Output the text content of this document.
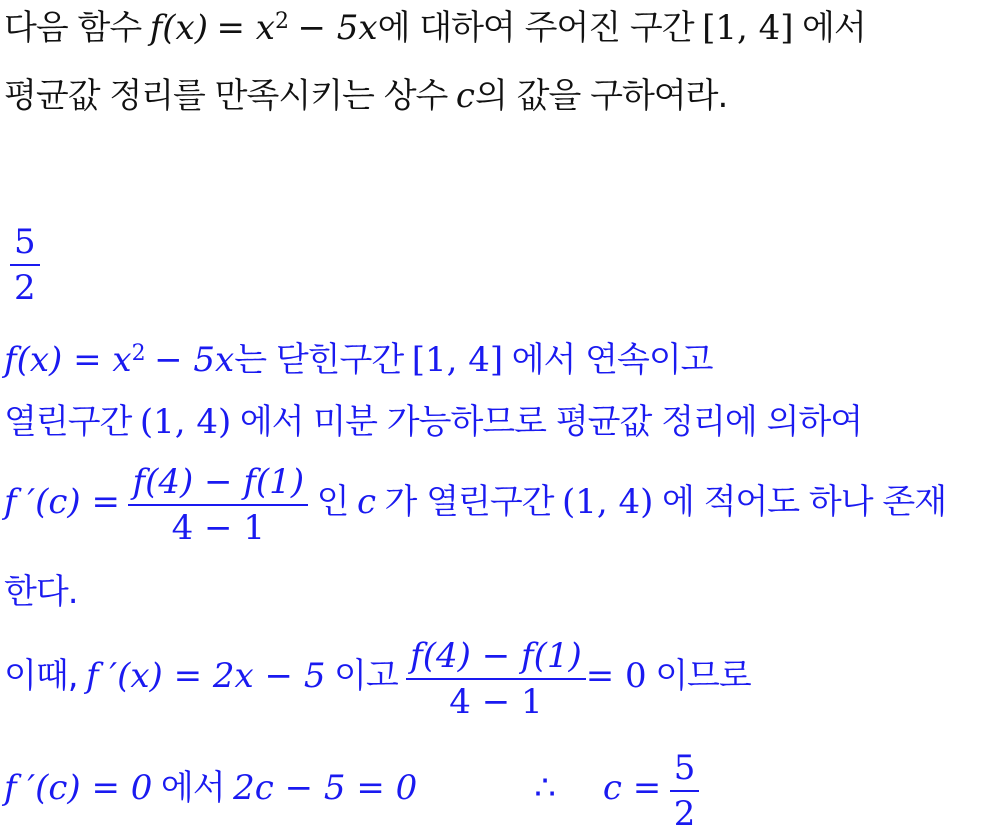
다음 함수 $f(x) = x^2 - 5x$에 대하여 주어진 구간 [1, 4] 에서
평균값 정리를 만족시키는 상수 c의 값을 구하여라.
$\frac{5}{2}$
$f(x) = x^2 - 5x$는 닫힌구간 [1, 4] 에서 연속이고
열린구간 (1, 4) 에서 미분 가능하므로 평균값 정리에 의하여
f $'(c) = \frac{f(4) - f(1)}{4 - 1}$ 인 c 가 열린구간 (1, 4) 에 적어도 하나 존재
한다.
이때, f ′(x) = 2x − 5 이고 $\frac{f(4) - f(1)}{4 - 1} = 0$ 이므로
f ′(c) = 0 에서 2c − 5 = 0	∴ $c = \frac{5}{2}$
